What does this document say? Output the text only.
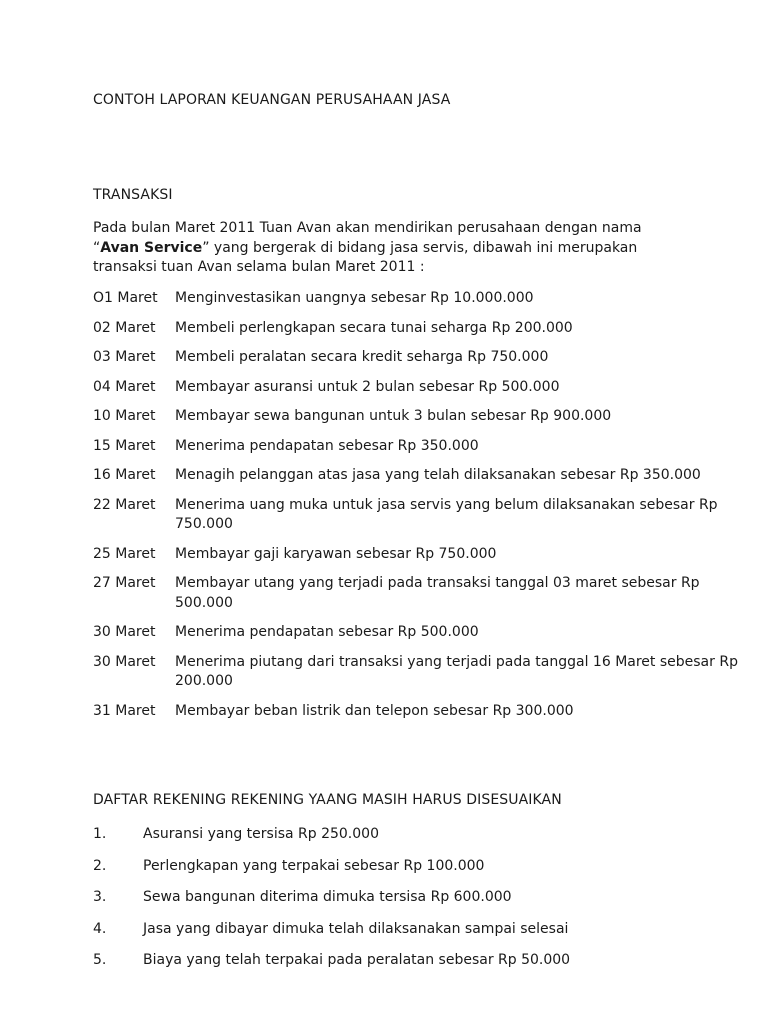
CONTOH LAPORAN KEUANGAN PERUSAHAAN JASA
TRANSAKSI

Pada bulan Maret 2011 Tuan Avan akan mendirikan perusahaan dengan nama
“Avan Service” yang bergerak di bidang jasa servis, dibawah ini merupakan transaksi tuan Avan selama bulan Maret 2011 :

O1 Maret	Menginvestasikan uangnya sebesar Rp 10.000.000
02 Maret	Membeli perlengkapan secara tunai seharga Rp 200.000
03 Maret	Membeli peralatan secara kredit seharga Rp 750.000
04 Maret	Membayar asuransi untuk 2 bulan sebesar Rp 500.000
10 Maret	Membayar sewa bangunan untuk 3 bulan sebesar Rp 900.000
15 Maret	Menerima pendapatan sebesar Rp 350.000
16 Maret	Menagih pelanggan atas jasa yang telah dilaksanakan sebesar Rp 350.000
22 Maret	Menerima uang muka untuk jasa servis yang belum dilaksanakan sebesar Rp 750.000
25 Maret	Membayar gaji karyawan sebesar Rp 750.000
27 Maret	Membayar utang yang terjadi pada transaksi tanggal 03 maret sebesar Rp 500.000
30 Maret	Menerima pendapatan sebesar Rp 500.000
30 Maret	Menerima piutang dari transaksi yang terjadi pada tanggal 16 Maret sebesar Rp 200.000
31 Maret	Membayar beban listrik dan telepon sebesar Rp 300.000
DAFTAR REKENING REKENING YAANG MASIH HARUS DISESUAIKAN
1.	Asuransi yang tersisa Rp 250.000
2.	Perlengkapan yang terpakai sebesar Rp 100.000
3.	Sewa bangunan diterima dimuka tersisa Rp 600.000
4.	Jasa yang dibayar dimuka telah dilaksanakan sampai selesai
5.	Biaya yang telah terpakai pada peralatan sebesar Rp 50.000
